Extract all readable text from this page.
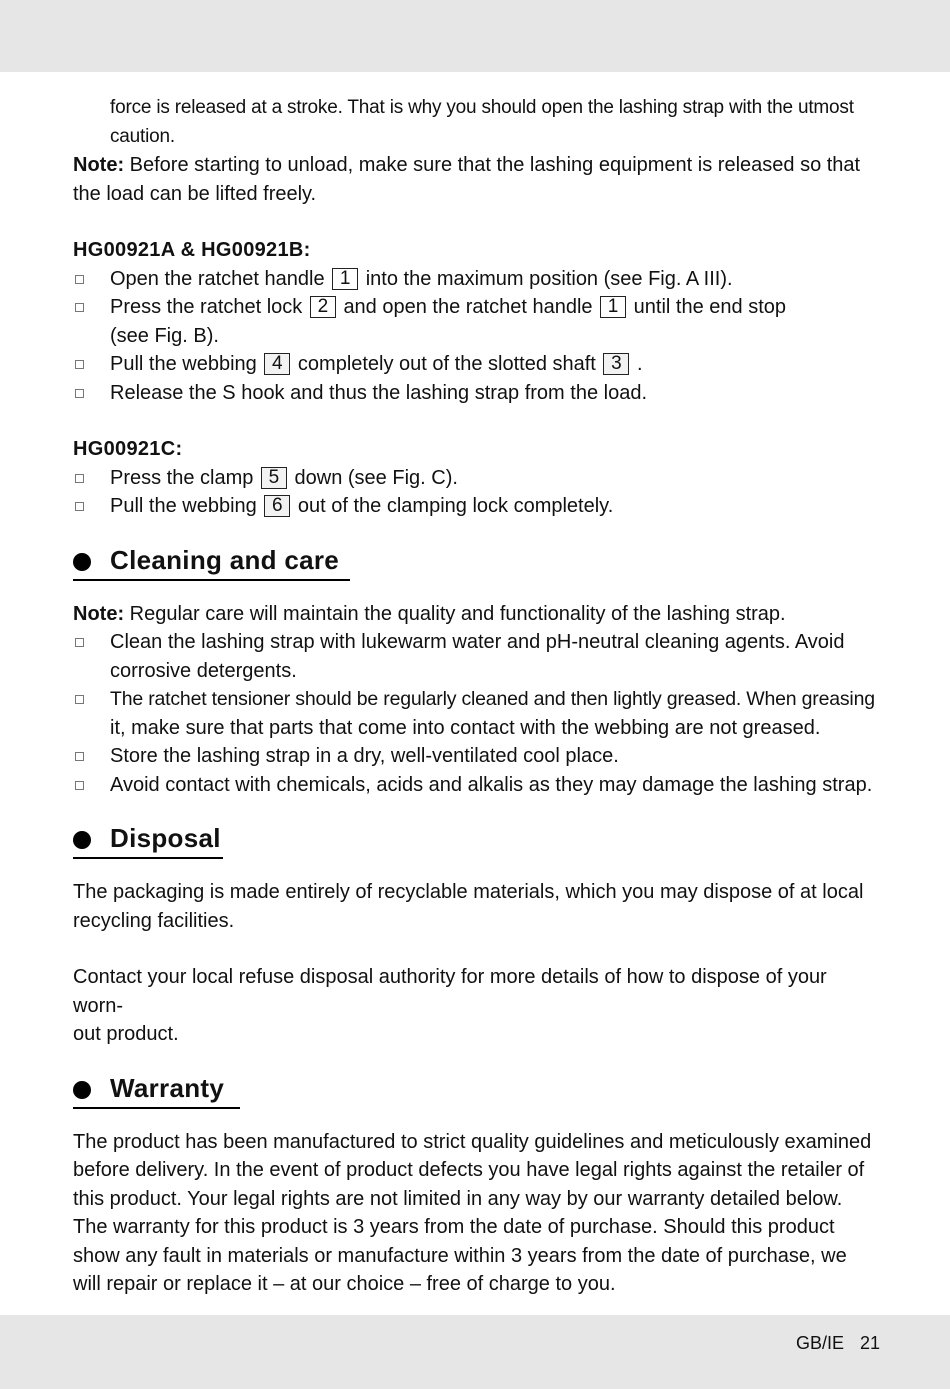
force is released at a stroke. That is why you should open the lashing strap with the utmost
caution.
Note: Before starting to unload, make sure that the lashing equipment is released so that
the load can be lifted freely.
HG00921A & HG00921B:
Open the ratchet handle 1 into the maximum position (see Fig. A III).
Press the ratchet lock 2 and open the ratchet handle 1 until the end stop
(see Fig. B).
Pull the webbing 4 completely out of the slotted shaft 3 .
Release the S hook and thus the lashing strap from the load.
HG00921C:
Press the clamp 5 down (see Fig. C).
Pull the webbing 6 out of the clamping lock completely.
Cleaning and care
Note: Regular care will maintain the quality and functionality of the lashing strap.
Clean the lashing strap with lukewarm water and pH-neutral cleaning agents. Avoid
corrosive detergents.
The ratchet tensioner should be regularly cleaned and then lightly greased. When greasing
it, make sure that parts that come into contact with the webbing are not greased.
Store the lashing strap in a dry, well-ventilated cool place.
Avoid contact with chemicals, acids and alkalis as they may damage the lashing strap.
Disposal
The packaging is made entirely of recyclable materials, which you may dispose of at local
recycling facilities.
Contact your local refuse disposal authority for more details of how to dispose of your worn-
out product.
Warranty
The product has been manufactured to strict quality guidelines and meticulously examined
before delivery. In the event of product defects you have legal rights against the retailer of
this product. Your legal rights are not limited in any way by our warranty detailed below.
The warranty for this product is 3 years from the date of purchase. Should this product
show any fault in materials or manufacture within 3 years from the date of purchase, we
will repair or replace it – at our choice – free of charge to you.
GB/IE 21
